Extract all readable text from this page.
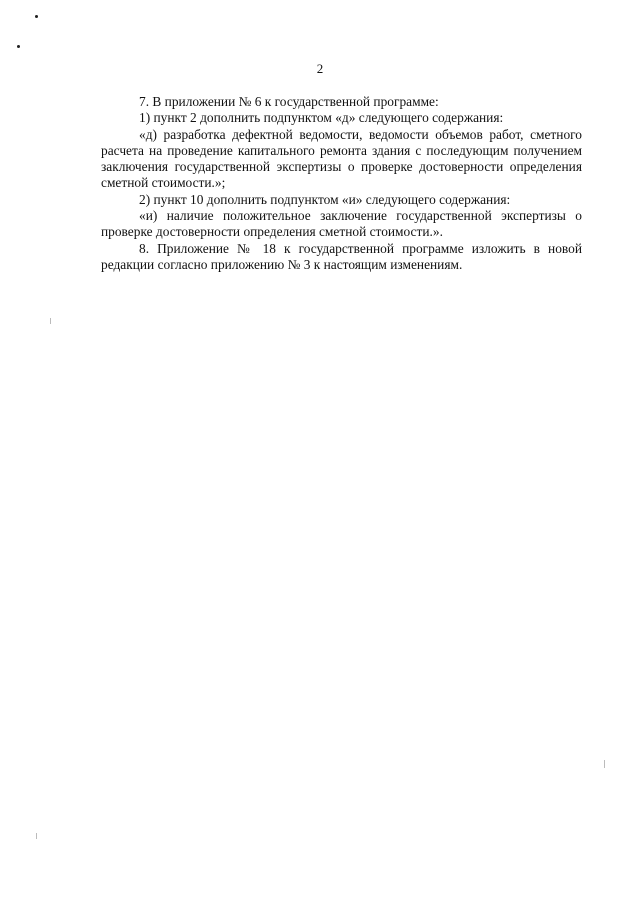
2

7. В приложении № 6 к государственной программе:

1) пункт 2 дополнить подпунктом «д» следующего содержания:

«д) разработка дефектной ведомости, ведомости объемов работ, сметного расчета на проведение капитального ремонта здания с последующим получением заключения государственной экспертизы о проверке достоверности определения сметной стоимости.»;

2) пункт 10 дополнить подпунктом «и» следующего содержания:

«и) наличие положительное заключение государственной экспертизы о проверке достоверности определения сметной стоимости.».

8. Приложение № 18 к государственной программе изложить в новой редакции согласно приложению № 3 к настоящим изменениям.
